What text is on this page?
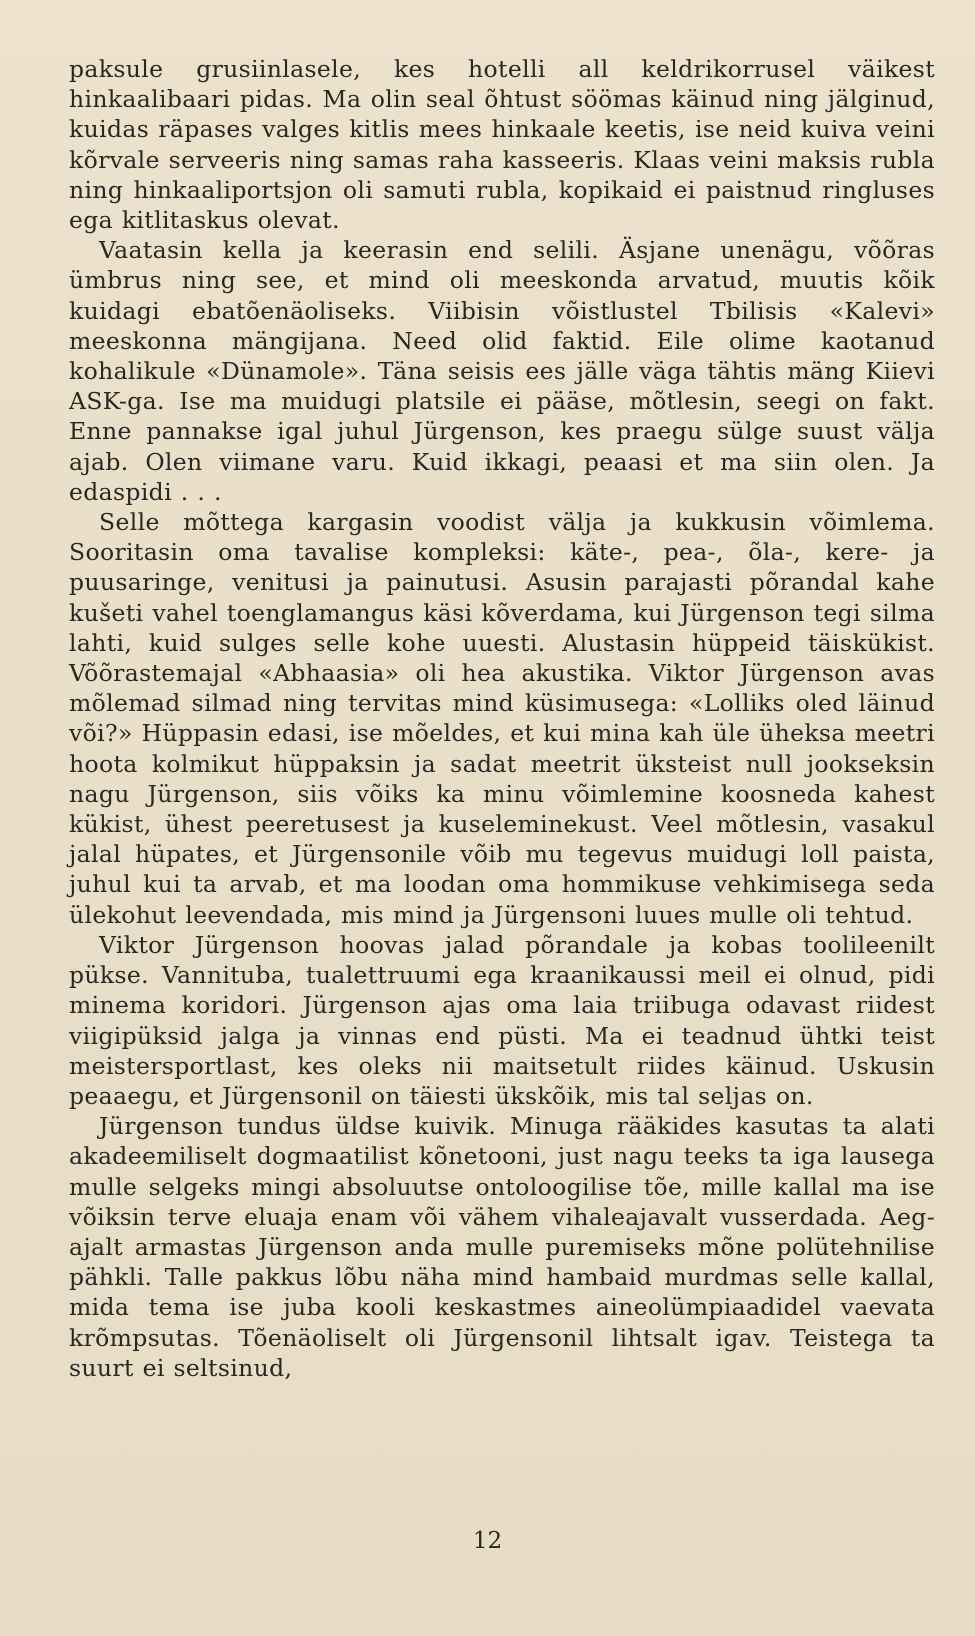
paksule grusiinlasele, kes hotelli all keldrikorrusel väikest hinkaalibaari pidas. Ma olin seal õhtust söömas käinud ning jälginud, kuidas räpases valges kitlis mees hinkaale keetis, ise neid kuiva veini kõrvale serveeris ning samas raha kasseeris. Klaas veini maksis rubla ning hinkaaliportsjon oli samuti rubla, kopikaid ei paistnud ringluses ega kitlitaskus olevat.

Vaatasin kella ja keerasin end selili. Äsjane unenägu, võõras ümbrus ning see, et mind oli meeskonda arvatud, muutis kõik kuidagi ebatõenäoliseks. Viibisin võistlustel Tbilisis «Kalevi» meeskonna mängijana. Need olid faktid. Eile olime kaotanud kohalikule «Dünamole». Täna seisis ees jälle väga tähtis mäng Kiievi ASK-ga. Ise ma muidugi platsile ei pääse, mõtlesin, seegi on fakt. Enne pannakse igal juhul Jürgenson, kes praegu sülge suust välja ajab. Olen viimane varu. Kuid ikkagi, peaasi et ma siin olen. Ja edaspidi . . .

Selle mõttega kargasin voodist välja ja kukkusin võimlema. Sooritasin oma tavalise kompleksi: käte-, pea-, õla-, kere- ja puusaringe, venitusi ja painutusi. Asusin parajasti põrandal kahe kušeti vahel toenglamangus käsi kõverdama, kui Jürgenson tegi silma lahti, kuid sulges selle kohe uuesti. Alustasin hüppeid täiskükist. Võõrastemajal «Abhaasia» oli hea akustika. Viktor Jürgenson avas mõlemad silmad ning tervitas mind küsimusega: «Lolliks oled läinud või?» Hüppasin edasi, ise mõeldes, et kui mina kah üle üheksa meetri hoota kolmikut hüppaksin ja sadat meetrit üksteist null jookseksin nagu Jürgenson, siis võiks ka minu võimlemine koosneda kahest kükist, ühest peeretusest ja kuseleminekust. Veel mõtlesin, vasakul jalal hüpates, et Jürgensonile võib mu tegevus muidugi loll paista, juhul kui ta arvab, et ma loodan oma hommikuse vehkimisega seda ülekohut leevendada, mis mind ja Jürgensoni luues mulle oli tehtud.

Viktor Jürgenson hoovas jalad põrandale ja kobas toolileenilt pükse. Vannituba, tualettruumi ega kraanikaussi meil ei olnud, pidi minema koridori. Jürgenson ajas oma laia triibuga odavast riidest viigipüksid jalga ja vinnas end püsti. Ma ei teadnud ühtki teist meistersportlast, kes oleks nii maitsetult riides käinud. Uskusin peaaegu, et Jürgensonil on täiesti ükskõik, mis tal seljas on.

Jürgenson tundus üldse kuivik. Minuga rääkides kasutas ta alati akadeemiliselt dogmaatilist kõnetooni, just nagu teeks ta iga lausega mulle selgeks mingi absoluutse ontoloogilise tõe, mille kallal ma ise võiksin terve eluaja enam või vähem vihaleajavalt vusserdada. Aeg-ajalt armastas Jürgenson anda mulle puremiseks mõne polütehnilise pähkli. Talle pakkus lõbu näha mind hambaid murdmas selle kallal, mida tema ise juba kooli keskastmes aineolümpiaadidel vaevata krõmpsutas. Tõenäoliselt oli Jürgensonil lihtsalt igav. Teistega ta suurt ei seltsinud,

12
